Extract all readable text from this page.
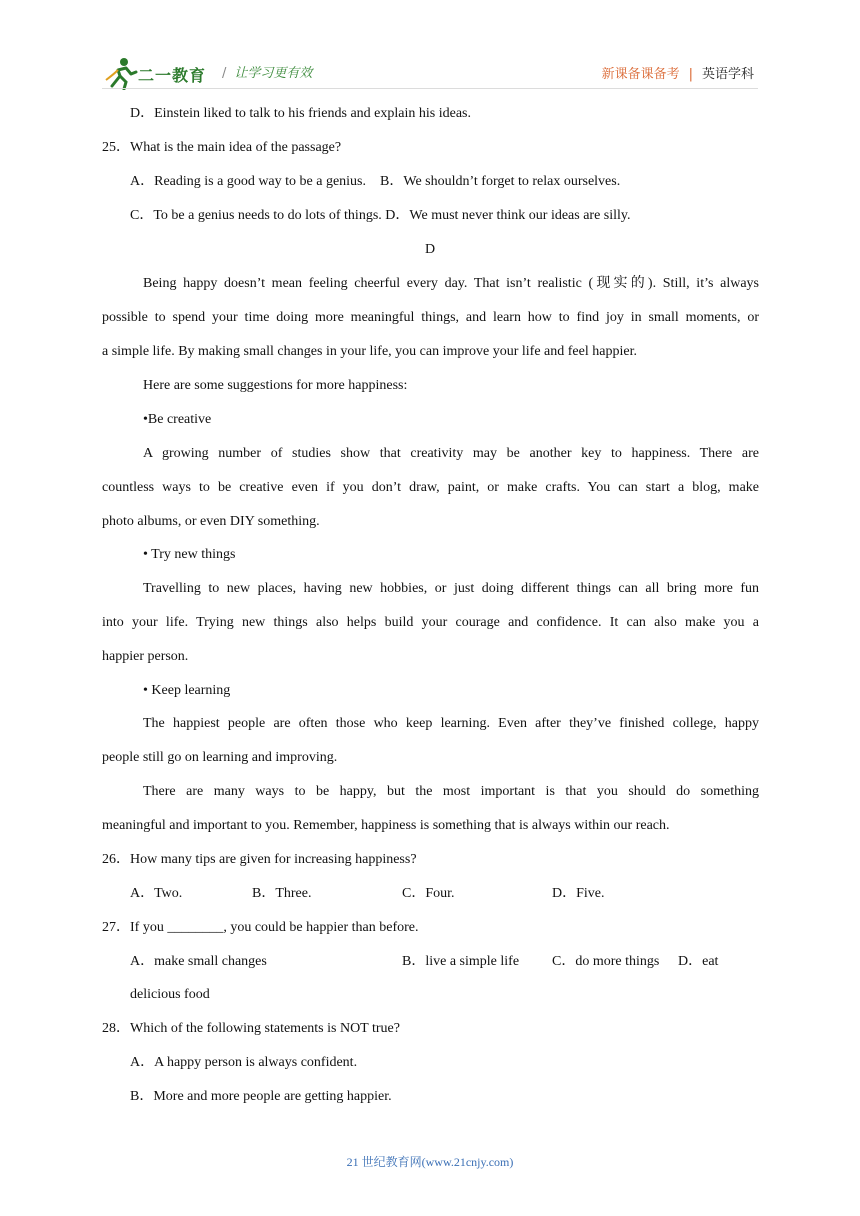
二一教育 / 让学习更有效	新课备课备考 | 英语学科
D．Einstein liked to talk to his friends and explain his ideas.
25．What is the main idea of the passage?
A．Reading is a good way to be a genius.    B．We shouldn’t forget to relax ourselves.
C．To be a genius needs to do lots of things. D．We must never think our ideas are silly.
D
Being happy doesn’t mean feeling cheerful every day. That isn’t realistic (现实的). Still, it’s always
possible to spend your time doing more meaningful things, and learn how to find joy in small moments, or
a simple life. By making small changes in your life, you can improve your life and feel happier.
Here are some suggestions for more happiness:
•Be creative
A growing number of studies show that creativity may be another key to happiness. There are
countless ways to be creative even if you don’t draw, paint, or make crafts. You can start a blog, make
photo albums, or even DIY something.
• Try new things
Travelling to new places, having new hobbies, or just doing different things can all bring more fun
into your life. Trying new things also helps build your courage and confidence. It can also make you a
happier person.
• Keep learning
The happiest people are often those who keep learning. Even after they’ve finished college, happy
people still go on learning and improving.
There are many ways to be happy, but the most important is that you should do something
meaningful and important to you. Remember, happiness is something that is always within our reach.
26．How many tips are given for increasing happiness?
A．Two.	B．Three.	C．Four.	D．Five.
27．If you ________, you could be happier than before.
A．make small changes	B．live a simple life C．do more things D．eat
delicious food
28．Which of the following statements is NOT true?
A．A happy person is always confident.
B．More and more people are getting happier.
21 世纪教育网(www.21cnjy.com)
